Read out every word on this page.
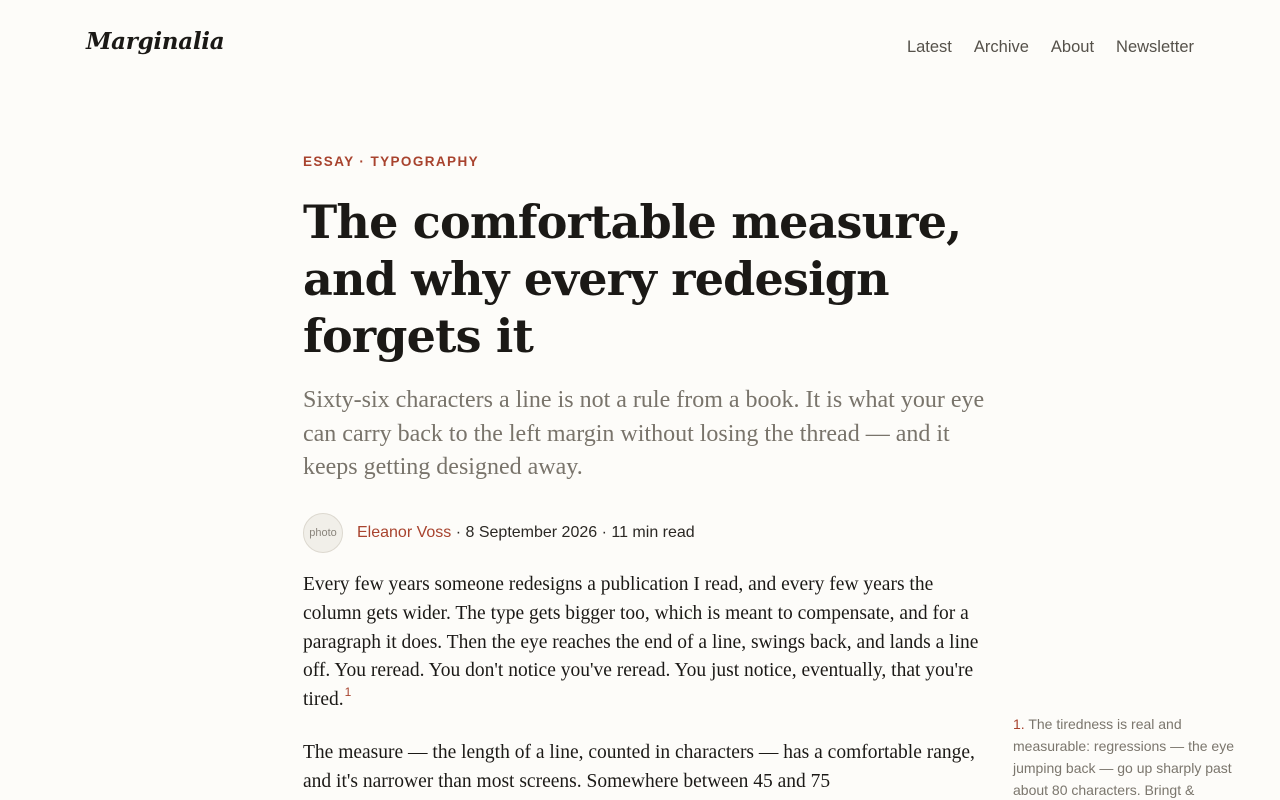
Marginalia	Latest Archive About Newsletter
ESSAY · TYPOGRAPHY
The comfortable measure, and why every redesign forgets it

Sixty-six characters a line is not a rule from a book. It is what your eye can carry back to the left margin without losing the thread — and it keeps getting designed away.

photo	Eleanor Voss · 8 September 2026 · 11 min read

Every few years someone redesigns a publication I read, and every few years the column gets wider. The type gets bigger too, which is meant to compensate, and for a paragraph it does. Then the eye reaches the end of a line, swings back, and lands a line off. You reread. You don't notice you've reread. You just notice, eventually, that you're tired.$^1$

The measure — the length of a line, counted in characters — has a comfortable range, and it's narrower than most screens. Somewhere between 45 and 75

1. The tiredness is real and measurable: regressions — the eye jumping back — go up sharply past about 80 characters. Bringt &
